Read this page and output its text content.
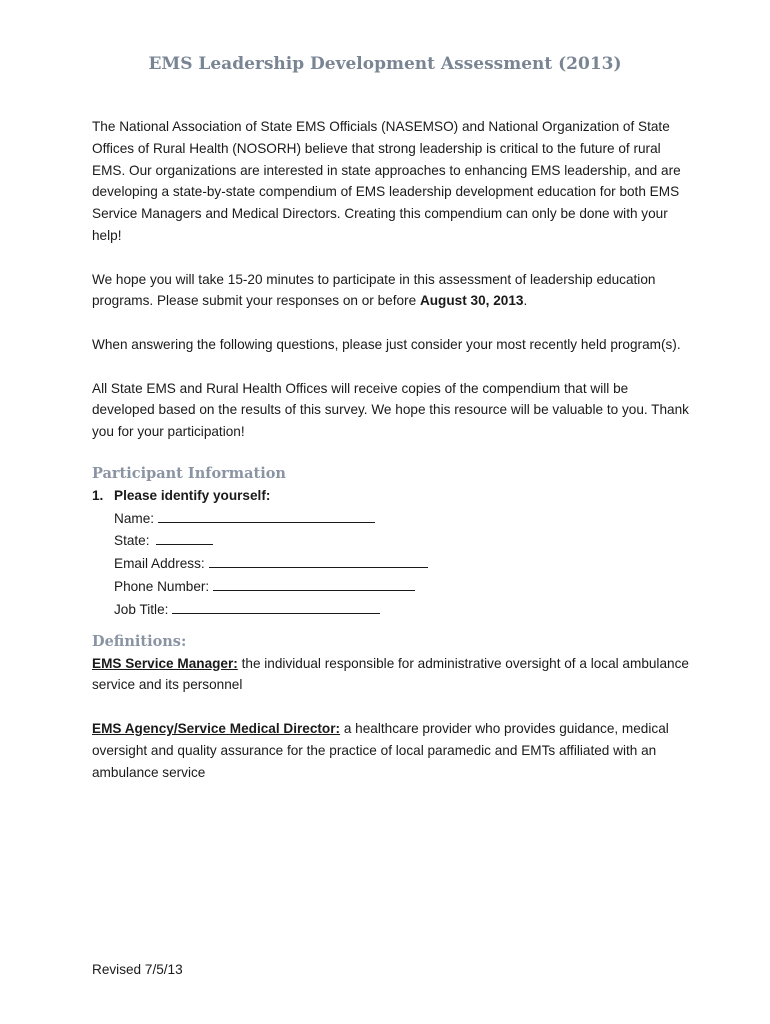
EMS Leadership Development Assessment (2013)

The National Association of State EMS Officials (NASEMSO) and National Organization of State Offices of Rural Health (NOSORH) believe that strong leadership is critical to the future of rural EMS. Our organizations are interested in state approaches to enhancing EMS leadership, and are developing a state-by-state compendium of EMS leadership development education for both EMS Service Managers and Medical Directors. Creating this compendium can only be done with your help!

We hope you will take 15-20 minutes to participate in this assessment of leadership education programs. Please submit your responses on or before August 30, 2013.

When answering the following questions, please just consider your most recently held program(s).

All State EMS and Rural Health Offices will receive copies of the compendium that will be developed based on the results of this survey. We hope this resource will be valuable to you. Thank you for your participation!

Participant Information
1. Please identify yourself:
Name:
State:
Email Address:
Phone Number:
Job Title:
Definitions:

EMS Service Manager: the individual responsible for administrative oversight of a local ambulance service and its personnel

EMS Agency/Service Medical Director: a healthcare provider who provides guidance, medical oversight and quality assurance for the practice of local paramedic and EMTs affiliated with an ambulance service

Revised 7/5/13
